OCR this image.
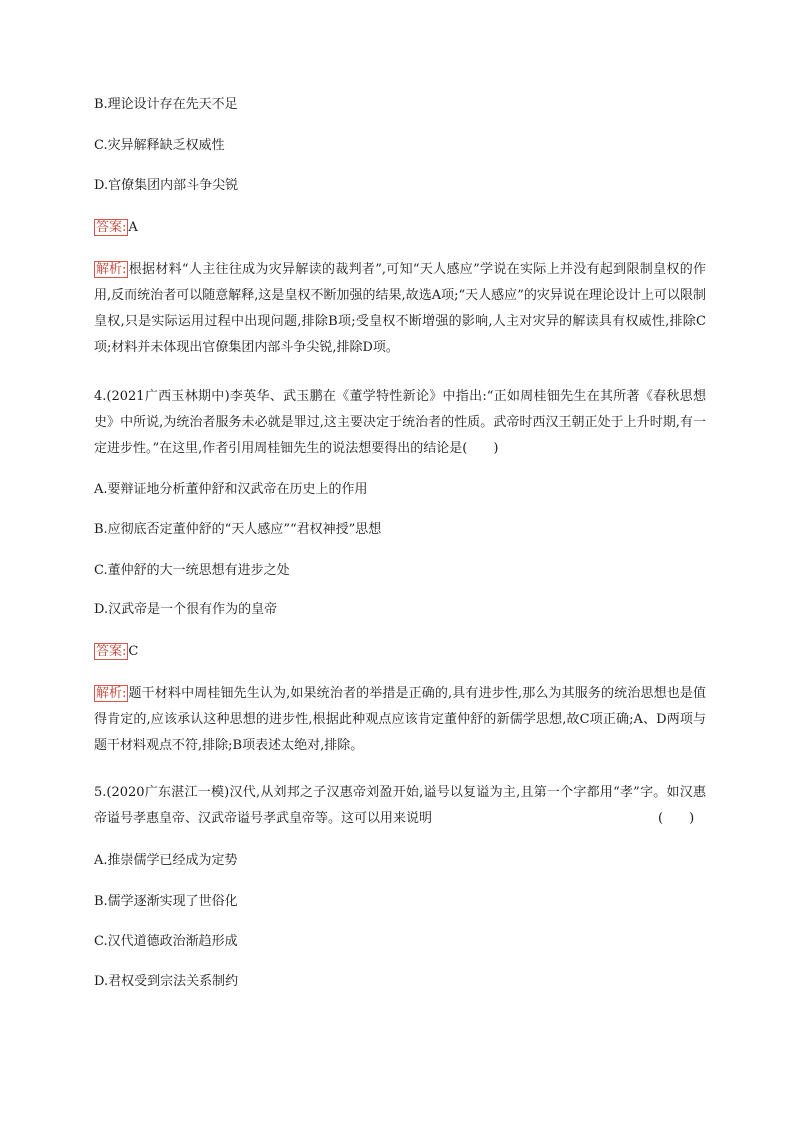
B.理论设计存在先天不足
C.灾异解释缺乏权威性
D.官僚集团内部斗争尖锐
答案: A
解析: 根据材料“人主往往成为灾异解读的裁判者”,可知“天人感应”学说在实际上并没有起到限制皇权的作用,反而统治者可以随意解释,这是皇权不断加强的结果,故选A项;“天人感应”的灾异说在理论设计上可以限制皇权,只是实际运用过程中出现问题,排除B项;受皇权不断增强的影响,人主对灾异的解读具有权威性,排除C项;材料并未体现出官僚集团内部斗争尖锐,排除D项。
4.(2021广西玉林期中)李英华、武玉鹏在《董学特性新论》中指出:“正如周桂钿先生在其所著《春秋思想史》中所说,为统治者服务未必就是罪过,这主要决定于统治者的性质。武帝时西汉王朝正处于上升时期,有一定进步性。”在这里,作者引用周桂钿先生的说法想要得出的结论是(　　)
A.要辩证地分析董仲舒和汉武帝在历史上的作用
B.应彻底否定董仲舒的“天人感应”“君权神授”思想
C.董仲舒的大一统思想有进步之处
D.汉武帝是一个很有作为的皇帝
答案: C
解析: 题干材料中周桂钿先生认为,如果统治者的举措是正确的,具有进步性,那么为其服务的统治思想也是值得肯定的,应该承认这种思想的进步性,根据此种观点应该肯定董仲舒的新儒学思想,故C项正确;A、D两项与题干材料观点不符,排除;B项表述太绝对,排除。
5.(2020广东湛江一模)汉代,从刘邦之子汉惠帝刘盈开始,谥号以复谥为主,且第一个字都用“孝”字。如汉惠帝谥号孝惠皇帝、汉武帝谥号孝武皇帝等。这可以用来说明	(　　)
A.推崇儒学已经成为定势
B.儒学逐渐实现了世俗化
C.汉代道德政治渐趋形成
D.君权受到宗法关系制约
